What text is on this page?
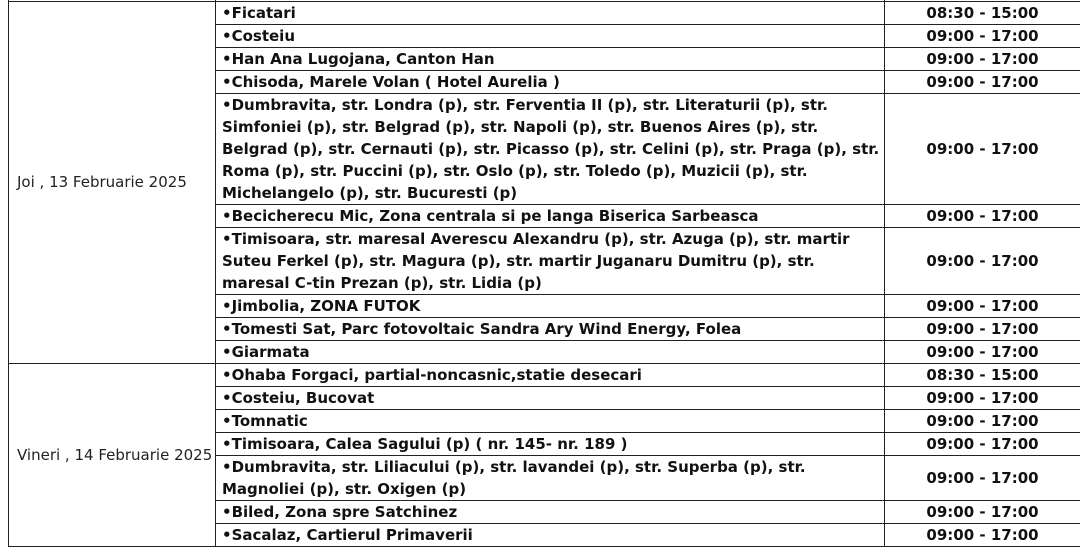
Joi , 13 Februarie 2025	•Ficatari	08:30 - 15:00
	•Costeiu	09:00 - 17:00
	•Han Ana Lugojana, Canton Han	09:00 - 17:00
	•Chisoda, Marele Volan ( Hotel Aurelia )	09:00 - 17:00
	•Dumbravita, str. Londra (p), str. Ferventia II (p), str. Literaturii (p), str. Simfoniei (p), str. Belgrad (p), str. Napoli (p), str. Buenos Aires (p), str. Belgrad (p), str. Cernauti (p), str. Picasso (p), str. Celini (p), str. Praga (p), str. Roma (p), str. Puccini (p), str. Oslo (p), str. Toledo (p), Muzicii (p), str. Michelangelo (p), str. Bucuresti (p)	09:00 - 17:00
	•Becicherecu Mic, Zona centrala si pe langa Biserica Sarbeasca	09:00 - 17:00
	•Timisoara, str. maresal Averescu Alexandru (p), str. Azuga (p), str. martir Suteu Ferkel (p), str. Magura (p), str. martir Juganaru Dumitru (p), str. maresal C-tin Prezan (p), str. Lidia (p)	09:00 - 17:00
	•Jimbolia, ZONA FUTOK	09:00 - 17:00
	•Tomesti Sat, Parc fotovoltaic Sandra Ary Wind Energy, Folea	09:00 - 17:00
	•Giarmata	09:00 - 17:00
Vineri , 14 Februarie 2025	•Ohaba Forgaci, partial-noncasnic,statie desecari	08:30 - 15:00
	•Costeiu, Bucovat	09:00 - 17:00
	•Tomnatic	09:00 - 17:00
	•Timisoara, Calea Sagului (p) ( nr. 145- nr. 189 )	09:00 - 17:00
	•Dumbravita, str. Liliacului (p), str. lavandei (p), str. Superba (p), str. Magnoliei (p), str. Oxigen (p)	09:00 - 17:00
	•Biled, Zona spre Satchinez	09:00 - 17:00
	•Sacalaz, Cartierul Primaverii	09:00 - 17:00
